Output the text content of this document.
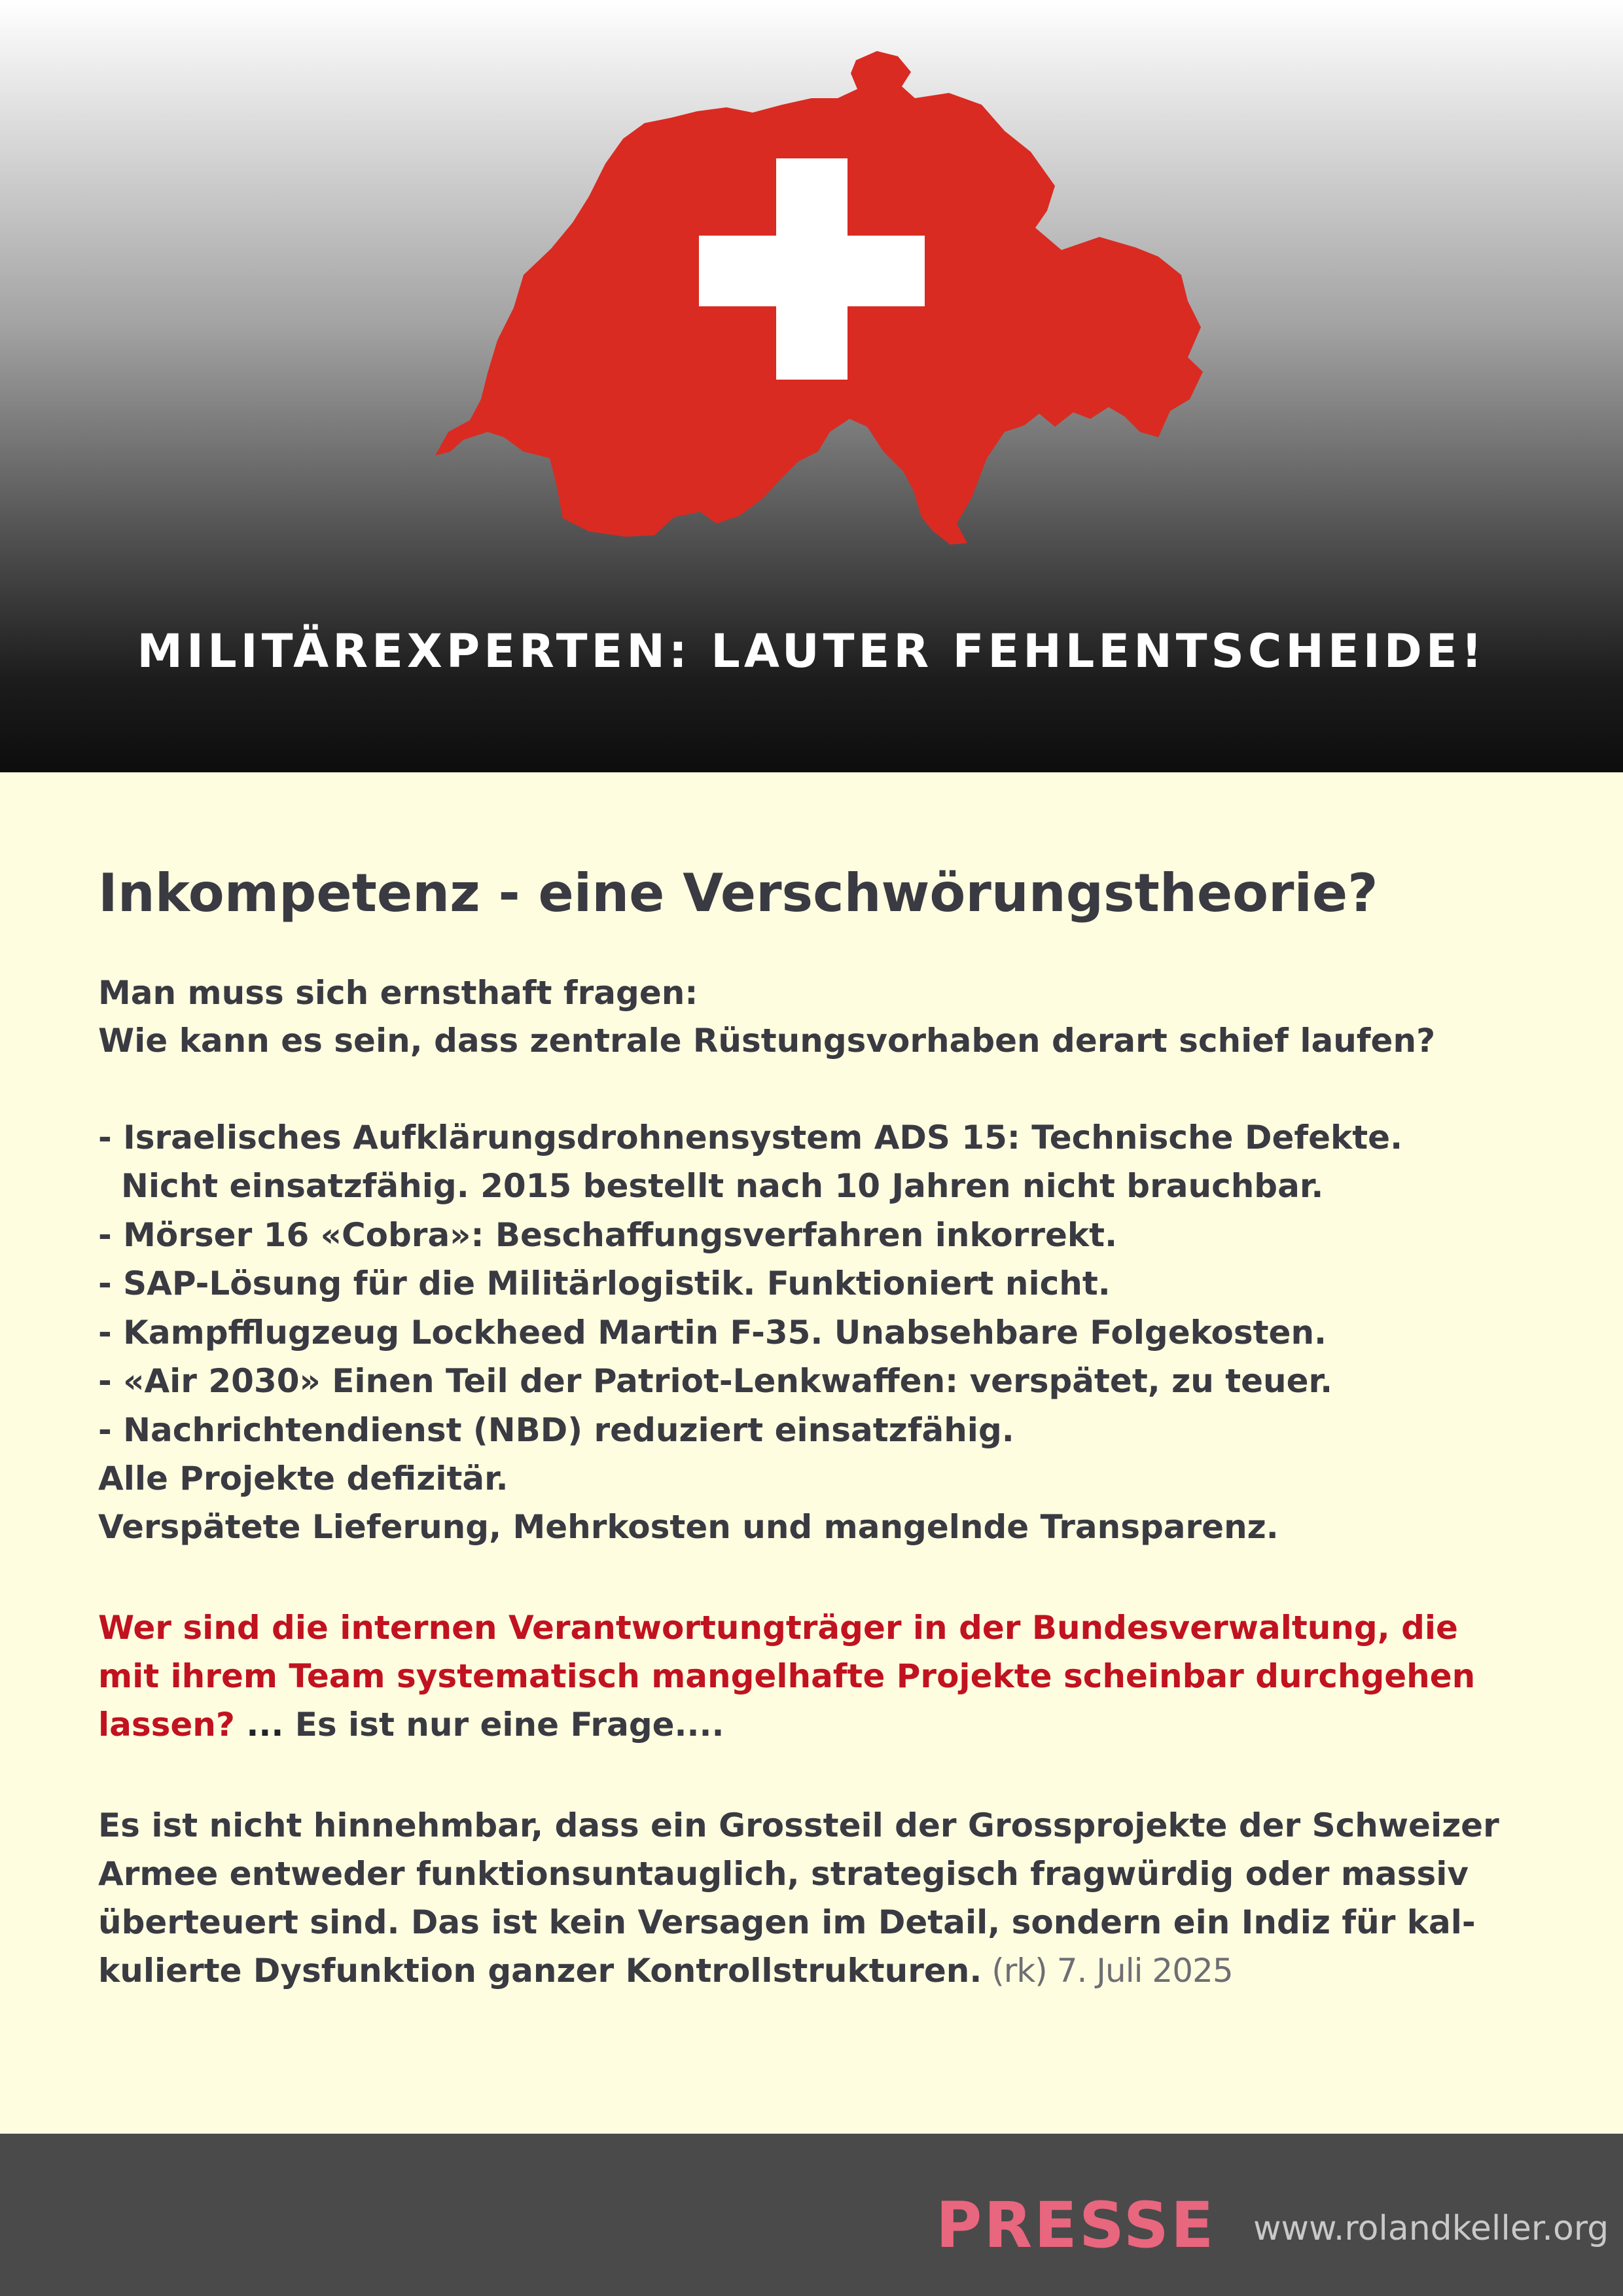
MILITÄREXPERTEN: LAUTER FEHLENTSCHEIDE!
Inkompetenz - eine Verschwörungstheorie?
Man muss sich ernsthaft fragen:
Wie kann es sein, dass zentrale Rüstungsvorhaben derart schief laufen?
- Israelisches Aufklärungsdrohnensystem ADS 15: Technische Defekte.
Nicht einsatzfähig. 2015 bestellt nach 10 Jahren nicht brauchbar.
- Mörser 16 «Cobra»: Beschaffungsverfahren inkorrekt.
- SAP-Lösung für die Militärlogistik. Funktioniert nicht.
- Kampfflugzeug Lockheed Martin F-35. Unabsehbare Folgekosten.
- «Air 2030» Einen Teil der Patriot-Lenkwaffen: verspätet, zu teuer.
- Nachrichtendienst (NBD) reduziert einsatzfähig.
Alle Projekte defizitär.
Verspätete Lieferung, Mehrkosten und mangelnde Transparenz.
Wer sind die internen Verantwortungträger in der Bundesverwaltung, die
mit ihrem Team systematisch mangelhafte Projekte scheinbar durchgehen
lassen? ... Es ist nur eine Frage....
Es ist nicht hinnehmbar, dass ein Grossteil der Grossprojekte der Schweizer
Armee entweder funktionsuntauglich, strategisch fragwürdig oder massiv
überteuert sind. Das ist kein Versagen im Detail, sondern ein Indiz für kal-
kulierte Dysfunktion ganzer Kontrollstrukturen. (rk) 7. Juli 2025
PRESSE www.rolandkeller.org
